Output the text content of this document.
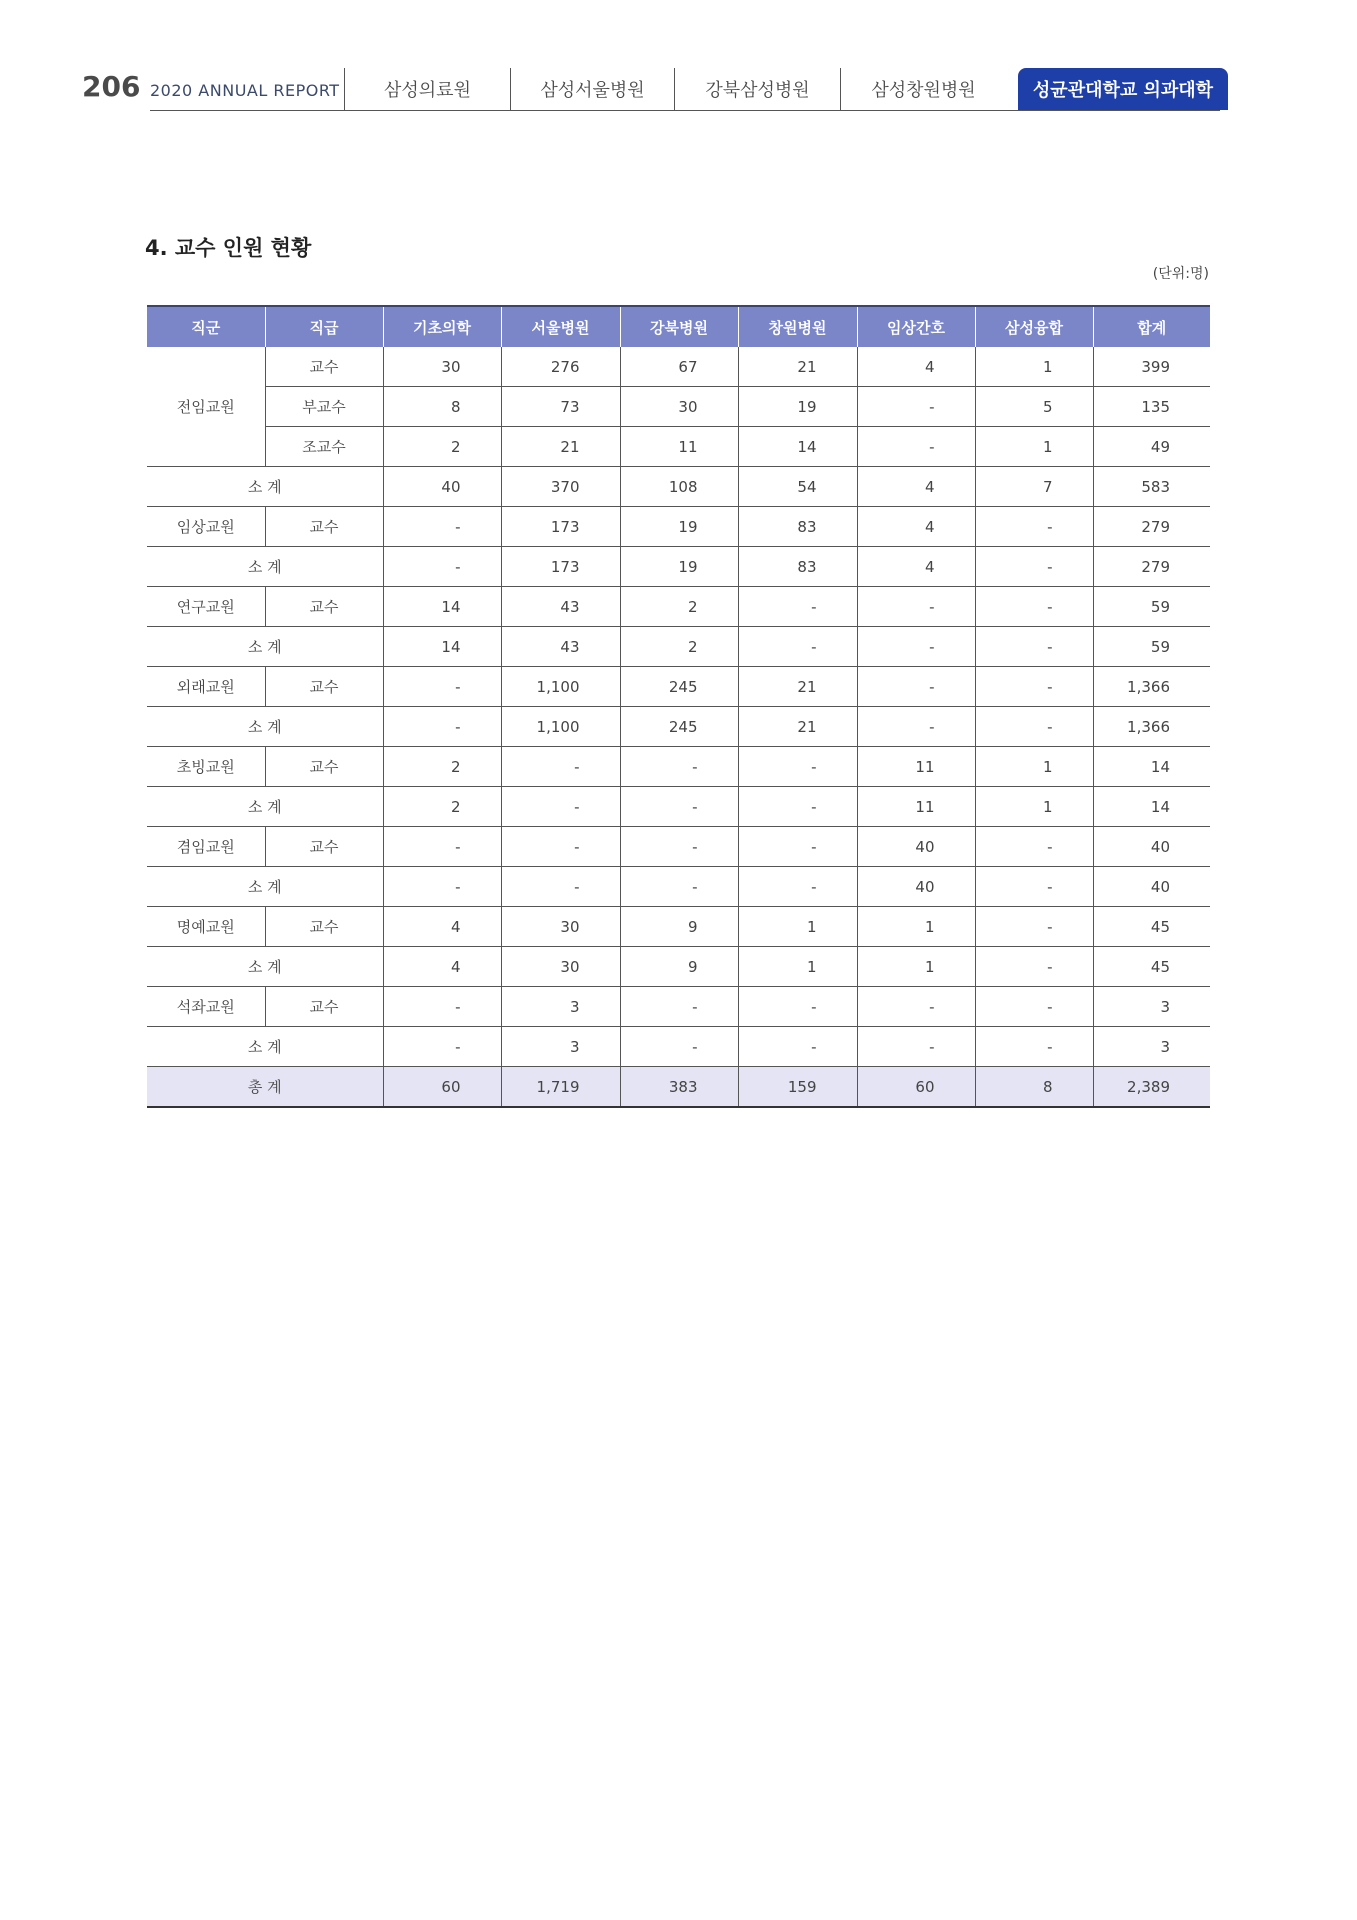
206 2020 ANNUAL REPORT	삼성의료원	삼성서울병원	강북삼성병원	삼성창원병원	성균관대학교 의과대학
4. 교수 인원 현황
(단위:명)
직군	직급	기초의학	서울병원	강북병원	창원병원	임상간호	삼성융합	합계
전임교원	교수	30	276	67	21	4	1	399
	부교수	8	73	30	19	-	5	135
	조교수	2	21	11	14	-	1	49
소 계		40	370	108	54	4	7	583
임상교원	교수	-	173	19	83	4	-	279
소 계		-	173	19	83	4	-	279
연구교원	교수	14	43	2	-	-	-	59
소 계		14	43	2	-	-	-	59
외래교원	교수	-	1,100	245	21	-	-	1,366
소 계		-	1,100	245	21	-	-	1,366
초빙교원	교수	2	-	-	-	11	1	14
소 계		2	-	-	-	11	1	14
겸임교원	교수	-	-	-	-	40	-	40
소 계		-	-	-	-	40	-	40
명예교원	교수	4	30	9	1	1	-	45
소 계		4	30	9	1	1	-	45
석좌교원	교수	-	3	-	-	-	-	3
소 계		-	3	-	-	-	-	3
총 계		60	1,719	383	159	60	8	2,389
